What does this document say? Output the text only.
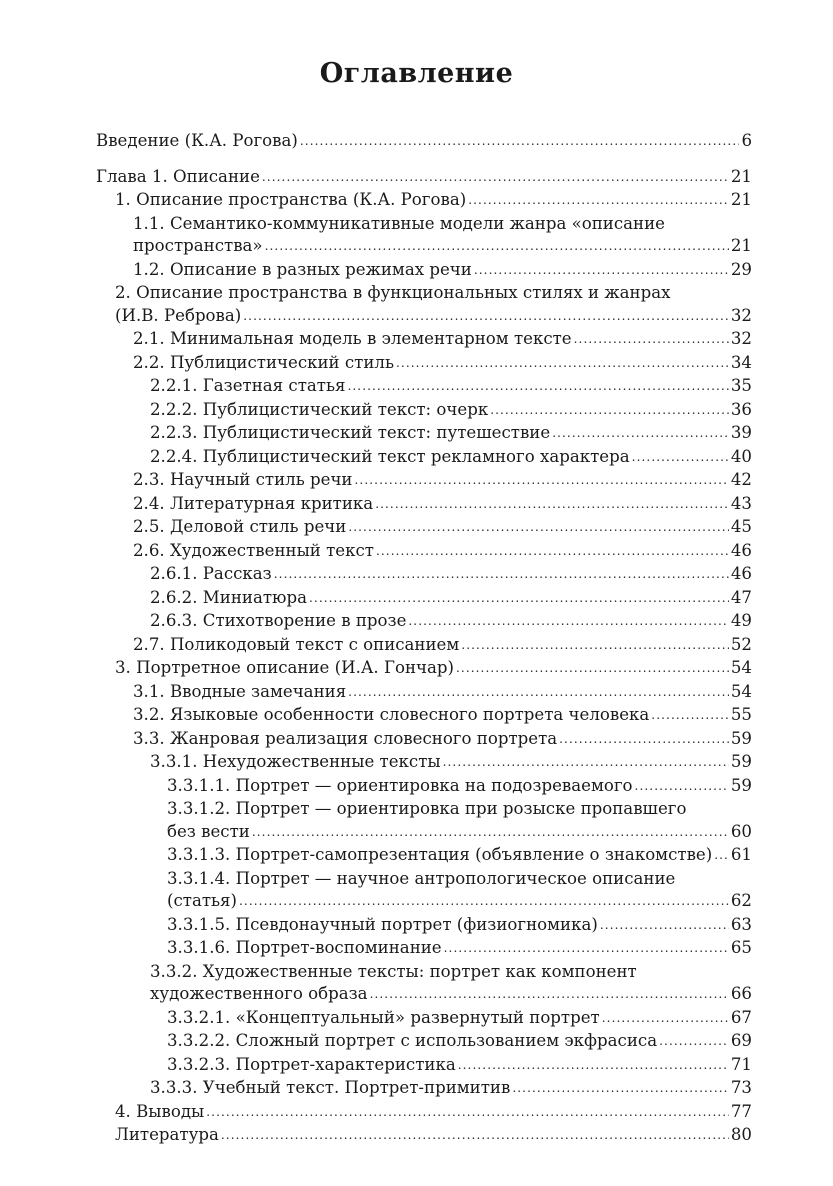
Оглавление
Введение (К.А. Рогова) .....	6
Глава 1. Описание .....	21
1. Описание пространства (К.А. Рогова) .....	21
1.1. Семантико-коммуникативные модели жанра «описание
пространства» .....	21
1.2. Описание в разных режимах речи .....	29
2. Описание пространства в функциональных стилях и жанрах
(И.В. Реброва) .....	32
2.1. Минимальная модель в элементарном тексте .....	32
2.2. Публицистический стиль .....	34
2.2.1. Газетная статья .....	35
2.2.2. Публицистический текст: очерк .....	36
2.2.3. Публицистический текст: путешествие .....	39
2.2.4. Публицистический текст рекламного характера .....	40
2.3. Научный стиль речи .....	42
2.4. Литературная критика .....	43
2.5. Деловой стиль речи .....	45
2.6. Художественный текст .....	46
2.6.1. Рассказ .....	46
2.6.2. Миниатюра .....	47
2.6.3. Стихотворение в прозе .....	49
2.7. Поликодовый текст с описанием .....	52
3. Портретное описание (И.А. Гончар) .....	54
3.1. Вводные замечания .....	54
3.2. Языковые особенности словесного портрета человека .....	55
3.3. Жанровая реализация словесного портрета .....	59
3.3.1. Нехудожественные тексты .....	59
3.3.1.1. Портрет — ориентировка на подозреваемого .....	59
3.3.1.2. Портрет — ориентировка при розыске пропавшего
без вести .....	60
3.3.1.3. Портрет-самопрезентация (объявление о знакомстве) ..... 61
3.3.1.4. Портрет — научное антропологическое описание
(статья) .....	62
3.3.1.5. Псевдонаучный портрет (физиогномика) .....	63
3.3.1.6. Портрет-воспоминание .....	65
3.3.2. Художественные тексты: портрет как компонент
художественного образа .....	66
3.3.2.1. «Концептуальный» развернутый портрет .....	67
3.3.2.2. Сложный портрет с использованием экфрасиса .....	69
3.3.2.3. Портрет-характеристика .....	71
3.3.3. Учебный текст. Портрет-примитив .....	73
4. Выводы .....	77
Литература .....	80
